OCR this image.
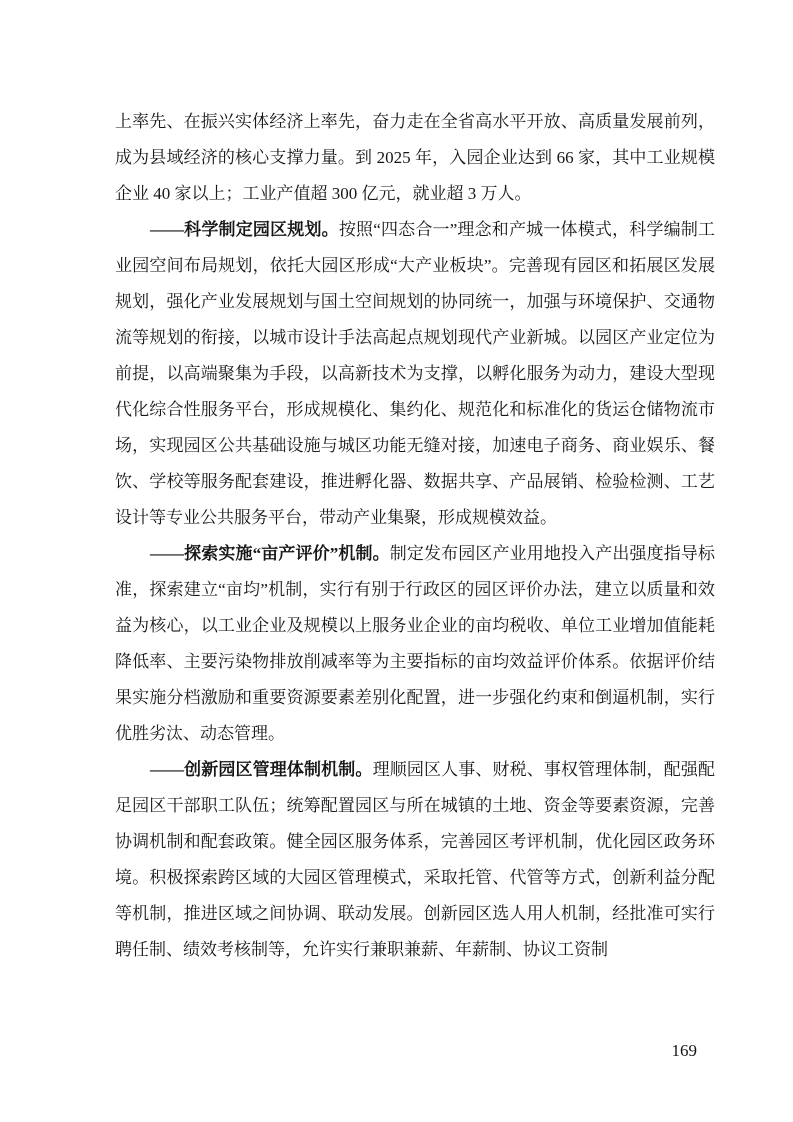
上率先、在振兴实体经济上率先，奋力走在全省高水平开放、高质量发展前列，成为县域经济的核心支撑力量。到 2025 年，入园企业达到 66 家，其中工业规模企业 40 家以上；工业产值超 300 亿元，就业超 3 万人。

——科学制定园区规划。按照“四态合一”理念和产城一体模式，科学编制工业园空间布局规划，依托大园区形成“大产业板块”。完善现有园区和拓展区发展规划，强化产业发展规划与国土空间规划的协同统一，加强与环境保护、交通物流等规划的衔接，以城市设计手法高起点规划现代产业新城。以园区产业定位为前提，以高端聚集为手段，以高新技术为支撑，以孵化服务为动力，建设大型现代化综合性服务平台，形成规模化、集约化、规范化和标准化的货运仓储物流市场，实现园区公共基础设施与城区功能无缝对接，加速电子商务、商业娱乐、餐饮、学校等服务配套建设，推进孵化器、数据共享、产品展销、检验检测、工艺设计等专业公共服务平台，带动产业集聚，形成规模效益。

——探索实施“亩产评价”机制。制定发布园区产业用地投入产出强度指导标准，探索建立“亩均”机制，实行有别于行政区的园区评价办法，建立以质量和效益为核心，以工业企业及规模以上服务业企业的亩均税收、单位工业增加值能耗降低率、主要污染物排放削减率等为主要指标的亩均效益评价体系。依据评价结果实施分档激励和重要资源要素差别化配置，进一步强化约束和倒逼机制，实行优胜劣汰、动态管理。

——创新园区管理体制机制。理顺园区人事、财税、事权管理体制，配强配足园区干部职工队伍；统筹配置园区与所在城镇的土地、资金等要素资源，完善协调机制和配套政策。健全园区服务体系，完善园区考评机制，优化园区政务环境。积极探索跨区域的大园区管理模式，采取托管、代管等方式，创新利益分配等机制，推进区域之间协调、联动发展。创新园区选人用人机制，经批准可实行聘任制、绩效考核制等，允许实行兼职兼薪、年薪制、协议工资制

169
